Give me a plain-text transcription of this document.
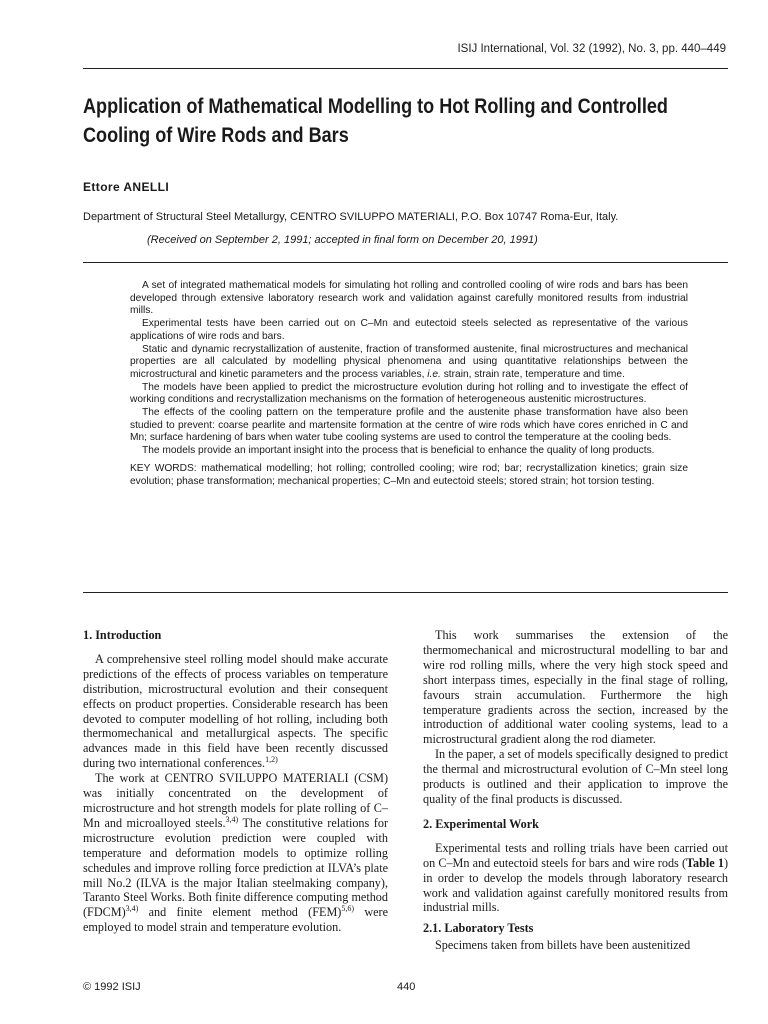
ISIJ International, Vol. 32 (1992), No. 3, pp. 440–449
Application of Mathematical Modelling to Hot Rolling and Controlled Cooling of Wire Rods and Bars
Ettore ANELLI
Department of Structural Steel Metallurgy, CENTRO SVILUPPO MATERIALI, P.O. Box 10747 Roma-Eur, Italy.
(Received on September 2, 1991; accepted in final form on December 20, 1991)

A set of integrated mathematical models for simulating hot rolling and controlled cooling of wire rods and bars has been developed through extensive laboratory research work and validation against carefully monitored results from industrial mills.

Experimental tests have been carried out on C–Mn and eutectoid steels selected as representative of the various applications of wire rods and bars.

Static and dynamic recrystallization of austenite, fraction of transformed austenite, final microstructures and mechanical properties are all calculated by modelling physical phenomena and using quantitative relationships between the microstructural and kinetic parameters and the process variables, i.e. strain, strain rate, temperature and time.

The models have been applied to predict the microstructure evolution during hot rolling and to investigate the effect of working conditions and recrystallization mechanisms on the formation of heterogeneous austenitic microstructures.

The effects of the cooling pattern on the temperature profile and the austenite phase transformation have also been studied to prevent: coarse pearlite and martensite formation at the centre of wire rods which have cores enriched in C and Mn; surface hardening of bars when water tube cooling systems are used to control the temperature at the cooling beds.

The models provide an important insight into the process that is beneficial to enhance the quality of long products.

KEY WORDS: mathematical modelling; hot rolling; controlled cooling; wire rod; bar; recrystallization kinetics; grain size evolution; phase transformation; mechanical properties; C–Mn and eutectoid steels; stored strain; hot torsion testing.

1. Introduction

A comprehensive steel rolling model should make accurate predictions of the effects of process variables on temperature distribution, microstructural evolution and their consequent effects on product properties. Considerable research has been devoted to computer modelling of hot rolling, including both thermomechanical and metallurgical aspects. The specific advances made in this field have been recently discussed during two international conferences.$^{1,2)}$

The work at CENTRO SVILUPPO MATERIALI (CSM) was initially concentrated on the development of microstructure and hot strength models for plate rolling of C–Mn and microalloyed steels.$^{3,4)}$ The constitutive relations for microstructure evolution prediction were coupled with temperature and deformation models to optimize rolling schedules and improve rolling force prediction at ILVA’s plate mill No.2 (ILVA is the major Italian steelmaking company), Taranto Steel Works. Both finite difference computing method (FDCM)$^{3,4)}$ and finite element method (FEM)$^{5,6)}$ were employed to model strain and temperature evolution.

This work summarises the extension of the thermomechanical and microstructural modelling to bar and wire rod rolling mills, where the very high stock speed and short interpass times, especially in the final stage of rolling, favours strain accumulation. Furthermore the high temperature gradients across the section, increased by the introduction of additional water cooling systems, lead to a microstructural gradient along the rod diameter.

In the paper, a set of models specifically designed to predict the thermal and microstructural evolution of C–Mn steel long products is outlined and their application to improve the quality of the final products is discussed.

2. Experimental Work

Experimental tests and rolling trials have been carried out on C–Mn and eutectoid steels for bars and wire rods (Table 1) in order to develop the models through laboratory research work and validation against carefully monitored results from industrial mills.

2.1. Laboratory Tests

Specimens taken from billets have been austenitized

© 1992 ISIJ	440
